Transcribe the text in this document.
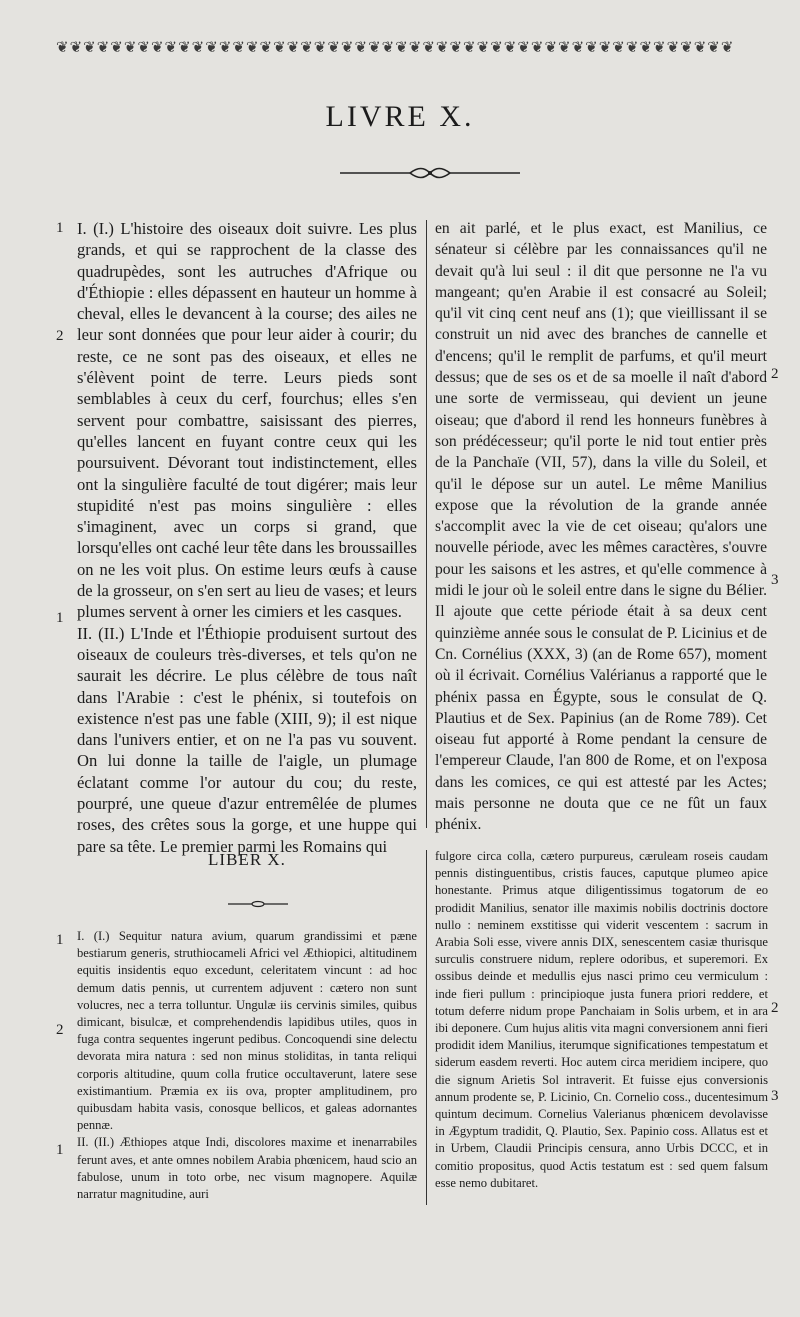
❦❦❦❦❦❦❦❦❦❦❦❦❦❦❦❦❦❦❦❦❦❦❦❦❦❦❦❦❦❦❦❦❦❦❦❦❦❦❦❦❦❦❦❦❦❦❦❦❦❦
LIVRE X.

I. (I.) L'histoire des oiseaux doit suivre. Les plus grands, et qui se rapprochent de la classe des quadrupèdes, sont les autruches d'Afrique ou d'Éthiopie : elles dépassent en hauteur un homme à cheval, elles le devancent à la course; des ailes ne leur sont données que pour leur aider à courir; du reste, ce ne sont pas des oiseaux, et elles ne s'élèvent point de terre. Leurs pieds sont semblables à ceux du cerf, fourchus; elles s'en servent pour combattre, saisissant des pierres, qu'elles lancent en fuyant contre ceux qui les poursuivent. Dévorant tout indistinctement, elles ont la singulière faculté de tout digérer; mais leur stupidité n'est pas moins singulière : elles s'imaginent, avec un corps si grand, que lorsqu'elles ont caché leur tête dans les broussailles on ne les voit plus. On estime leurs œufs à cause de la grosseur, on s'en sert au lieu de vases; et leurs plumes servent à orner les cimiers et les casques.

II. (II.) L'Inde et l'Éthiopie produisent surtout des oiseaux de couleurs très-diverses, et tels qu'on ne saurait les décrire. Le plus célèbre de tous naît dans l'Arabie : c'est le phénix, si toutefois on existence n'est pas une fable (XIII, 9); il est nique dans l'univers entier, et on ne l'a pas vu souvent. On lui donne la taille de l'aigle, un plumage éclatant comme l'or autour du cou; du reste, pourpré, une queue d'azur entremêlée de plumes roses, des crêtes sous la gorge, et une huppe qui pare sa tête. Le premier parmi les Romains qui

en ait parlé, et le plus exact, est Manilius, ce sénateur si célèbre par les connaissances qu'il ne devait qu'à lui seul : il dit que personne ne l'a vu mangeant; qu'en Arabie il est consacré au Soleil; qu'il vit cinq cent neuf ans (1); que vieillissant il se construit un nid avec des branches de cannelle et d'encens; qu'il le remplit de parfums, et qu'il meurt dessus; que de ses os et de sa moelle il naît d'abord une sorte de vermisseau, qui devient un jeune oiseau; que d'abord il rend les honneurs funèbres à son prédécesseur; qu'il porte le nid tout entier près de la Panchaïe (VII, 57), dans la ville du Soleil, et qu'il le dépose sur un autel. Le même Manilius expose que la révolution de la grande année s'accomplit avec la vie de cet oiseau; qu'alors une nouvelle période, avec les mêmes caractères, s'ouvre pour les saisons et les astres, et qu'elle commence à midi le jour où le soleil entre dans le signe du Bélier. Il ajoute que cette période était à sa deux cent quinzième année sous le consulat de P. Licinius et de Cn. Cornélius (XXX, 3) (an de Rome 657), moment où il écrivait. Cornélius Valérianus a rapporté que le phénix passa en Égypte, sous le consulat de Q. Plautius et de Sex. Papinius (an de Rome 789). Cet oiseau fut apporté à Rome pendant la censure de l'empereur Claude, l'an 800 de Rome, et on l'exposa dans les comices, ce qui est attesté par les Actes; mais personne ne douta que ce ne fût un faux phénix.

1
2
1
2
3
LIBER X.

I. (I.) Sequitur natura avium, quarum grandissimi et pæne bestiarum generis, struthiocameli Africi vel Æthiopici, altitudinem equitis insidentis equo excedunt, celeritatem vincunt : ad hoc demum datis pennis, ut currentem adjuvent : cætero non sunt volucres, nec a terra tolluntur. Ungulæ iis cervinis similes, quibus dimicant, bisulcæ, et comprehendendis lapidibus utiles, quos in fuga contra sequentes ingerunt pedibus. Concoquendi sine delectu devorata mira natura : sed non minus stoliditas, in tanta reliqui corporis altitudine, quum colla frutice occultaverunt, latere sese existimantium. Præmia ex iis ova, propter amplitudinem, pro quibusdam habita vasis, conosque bellicos, et galeas adornantes pennæ.

II. (II.) Æthiopes atque Indi, discolores maxime et inenarrabiles ferunt aves, et ante omnes nobilem Arabia phœnicem, haud scio an fabulose, unum in toto orbe, nec visum magnopere. Aquilæ narratur magnitudine, auri

fulgore circa colla, cætero purpureus, cæruleam roseis caudam pennis distinguentibus, cristis fauces, caputque plumeo apice honestante. Primus atque diligentissimus togatorum de eo prodidit Manilius, senator ille maximis nobilis doctrinis doctore nullo : neminem exstitisse qui viderit vescentem : sacrum in Arabia Soli esse, vivere annis DIX, senescentem casiæ thurisque surculis construere nidum, replere odoribus, et superemori. Ex ossibus deinde et medullis ejus nasci primo ceu vermiculum : inde fieri pullum : principioque justa funera priori reddere, et totum deferre nidum prope Panchaiam in Solis urbem, et in ara ibi deponere. Cum hujus alitis vita magni conversionem anni fieri prodidit idem Manilius, iterumque significationes tempestatum et siderum easdem reverti. Hoc autem circa meridiem incipere, quo die signum Arietis Sol intraverit. Et fuisse ejus conversionis annum prodente se, P. Licinio, Cn. Cornelio coss., ducentesimum quintum decimum. Cornelius Valerianus phœnicem devolavisse in Ægyptum tradidit, Q. Plautio, Sex. Papinio coss. Allatus est et in Urbem, Claudii Principis censura, anno Urbis DCCC, et in comitio propositus, quod Actis testatum est : sed quem falsum esse nemo dubitaret.

1
2
1
2
3
